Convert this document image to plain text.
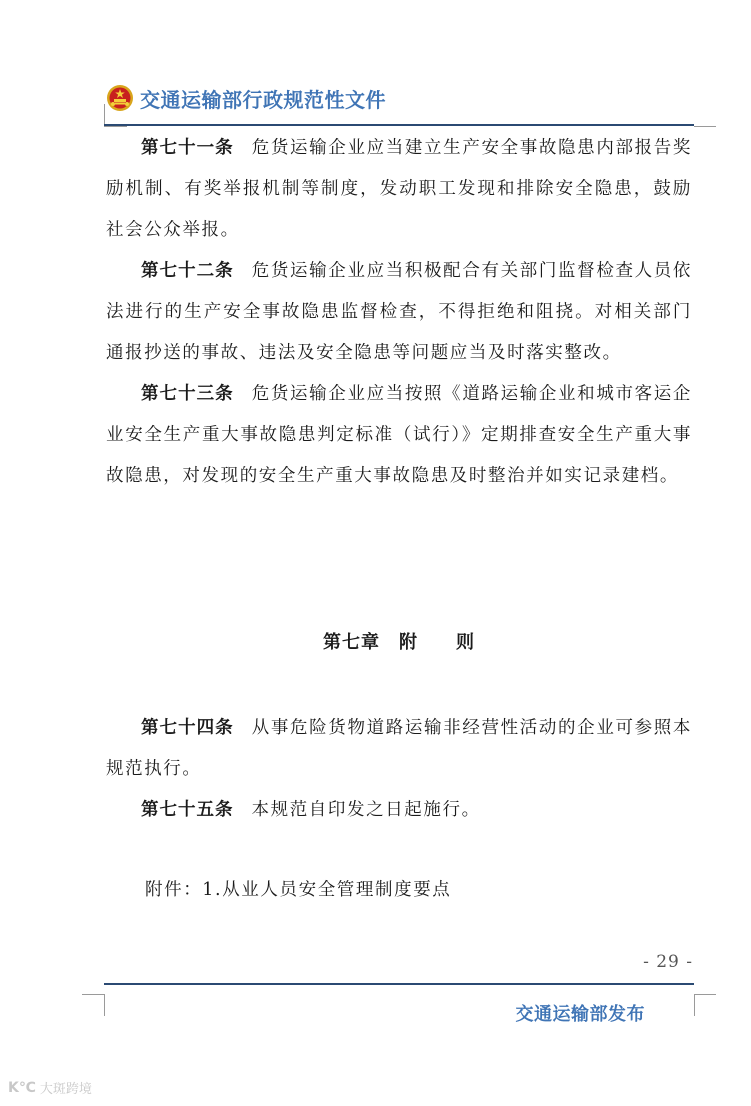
交通运输部行政规范性文件

第七十一条 危货运输企业应当建立生产安全事故隐患内部报告奖励机制、有奖举报机制等制度，发动职工发现和排除安全隐患，鼓励社会公众举报。

第七十二条 危货运输企业应当积极配合有关部门监督检查人员依法进行的生产安全事故隐患监督检查，不得拒绝和阻挠。对相关部门通报抄送的事故、违法及安全隐患等问题应当及时落实整改。

第七十三条 危货运输企业应当按照《道路运输企业和城市客运企业安全生产重大事故隐患判定标准（试行）》定期排查安全生产重大事故隐患，对发现的安全生产重大事故隐患及时整治并如实记录建档。

第七章　附　　则

第七十四条 从事危险货物道路运输非经营性活动的企业可参照本规范执行。

第七十五条 本规范自印发之日起施行。

附件：1.从业人员安全管理制度要点
- 29 -
交通运输部发布
K℃ 大斑跨境
